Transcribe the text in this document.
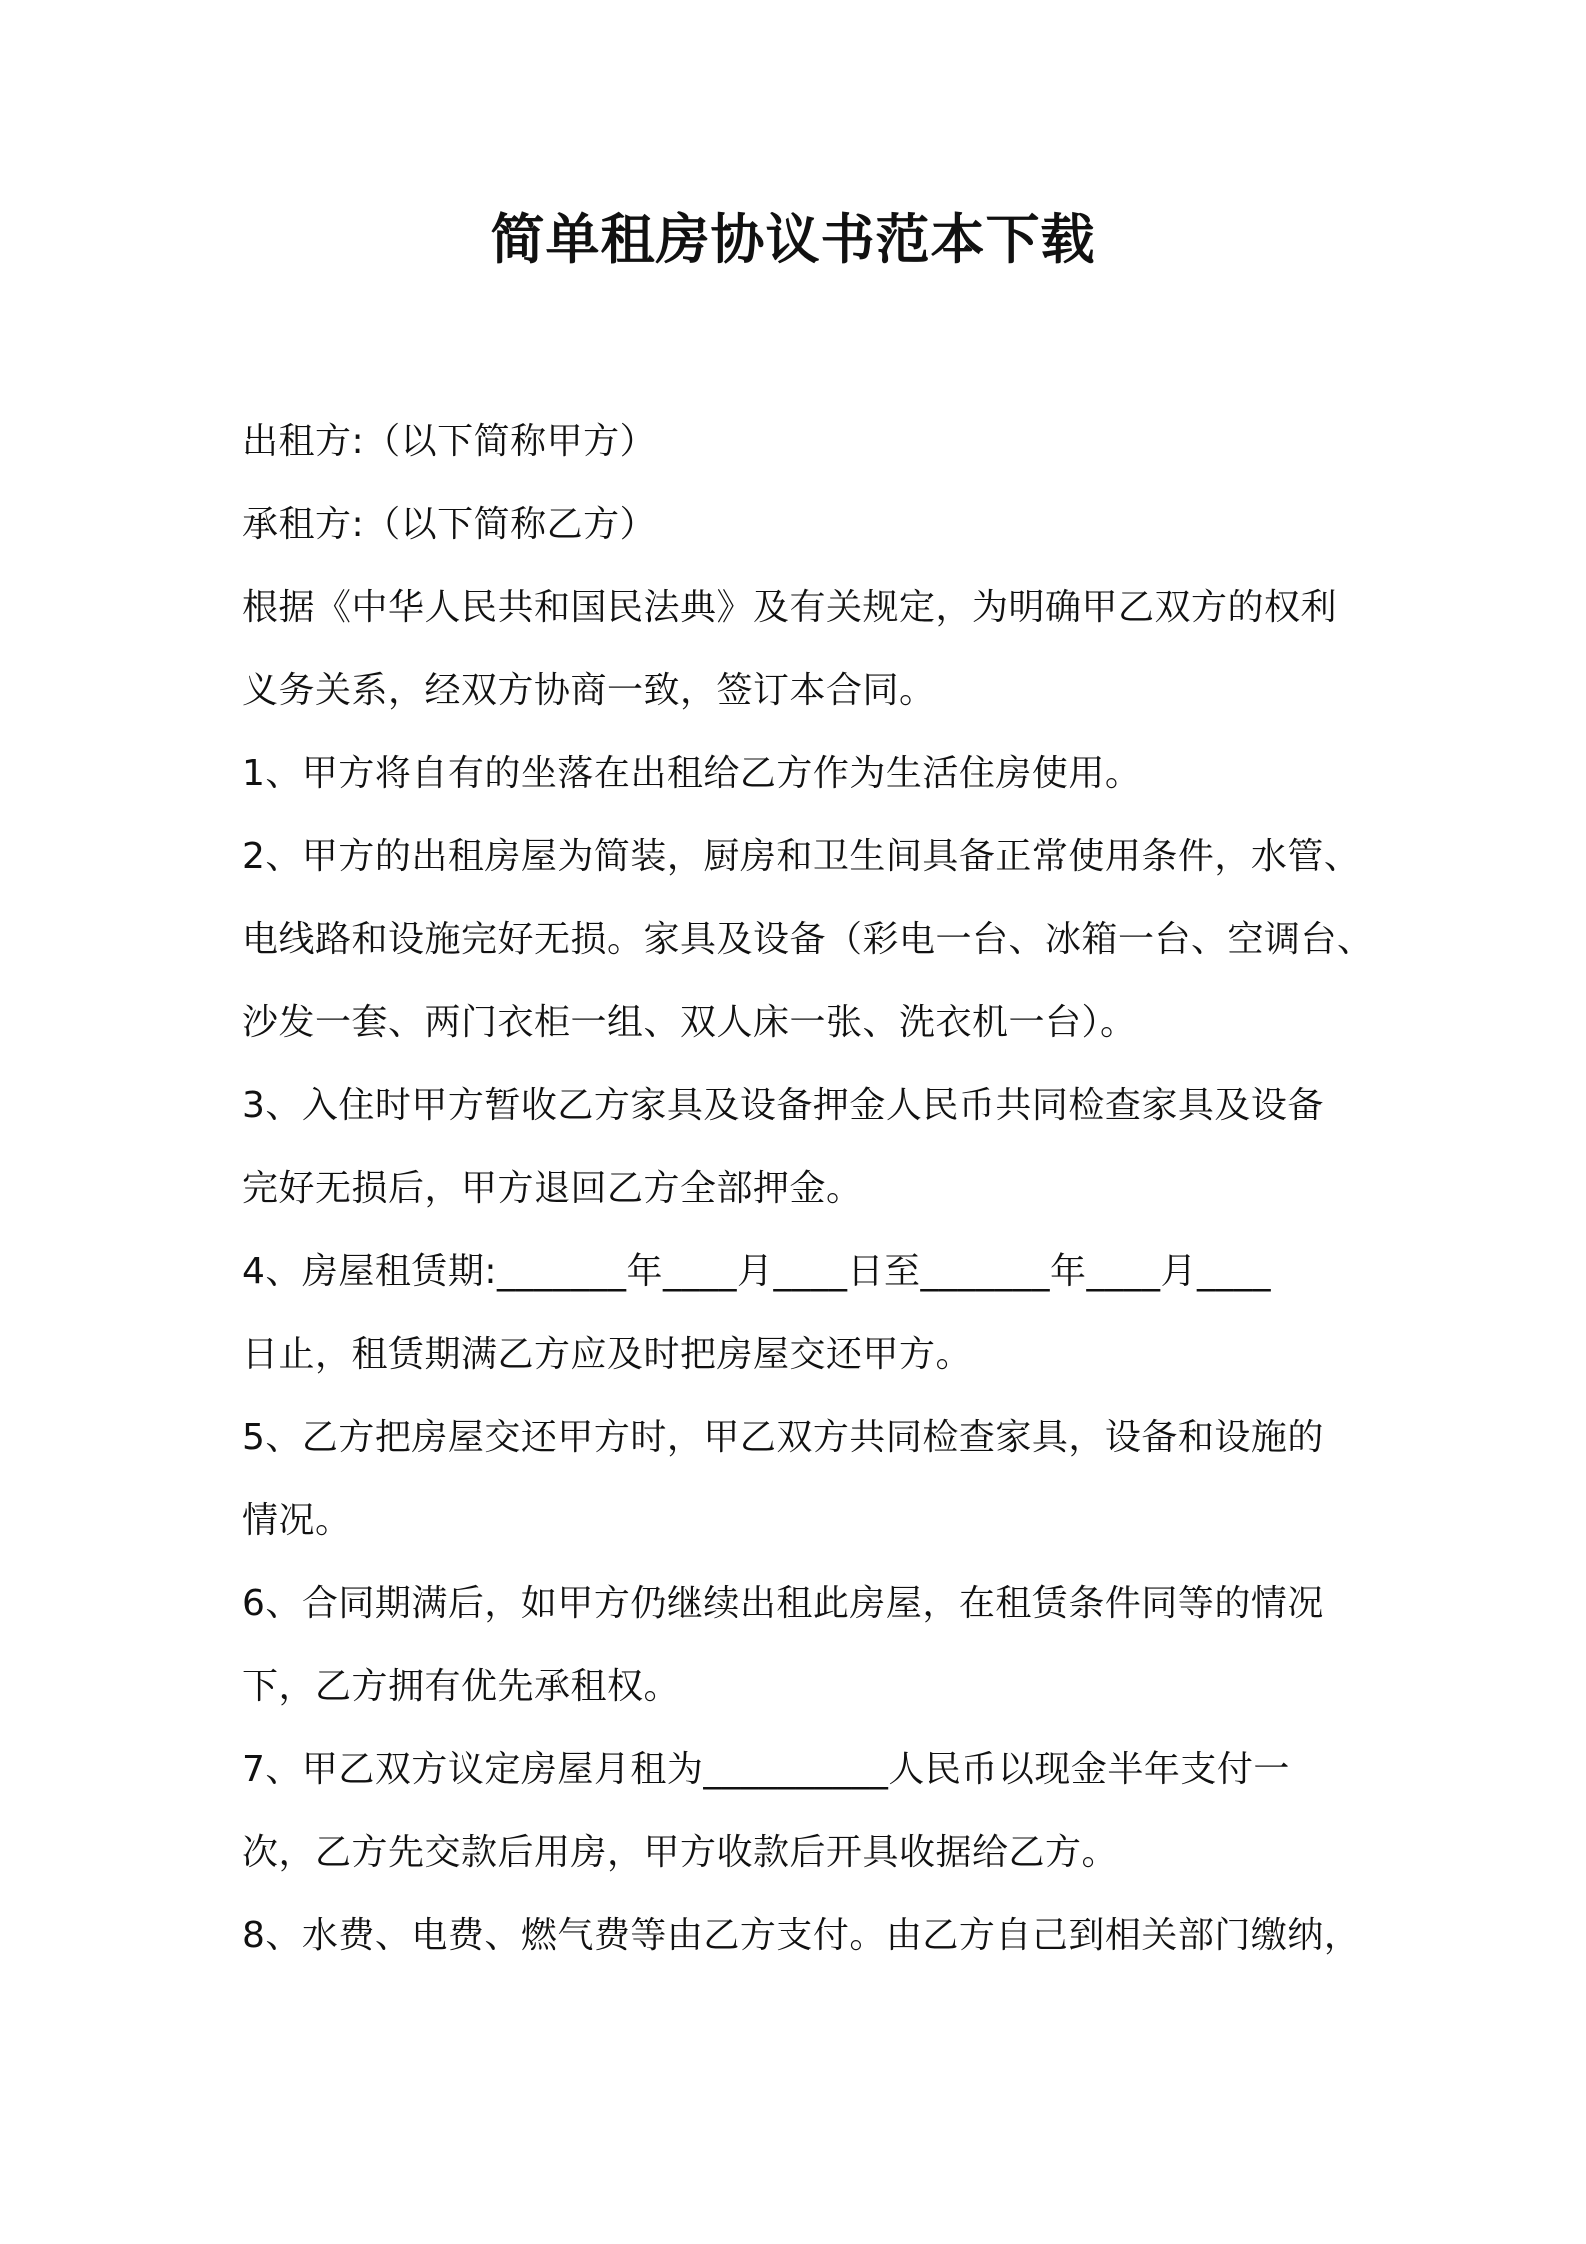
简单租房协议书范本下载
出租方:（以下简称甲方）
承租方:（以下简称乙方）
根据《中华人民共和国民法典》及有关规定，为明确甲乙双方的权利
义务关系，经双方协商一致，签订本合同。
1、甲方将自有的坐落在出租给乙方作为生活住房使用。
2、甲方的出租房屋为简装，厨房和卫生间具备正常使用条件，水管、
电线路和设施完好无损。家具及设备（彩电一台、冰箱一台、空调台、
沙发一套、两门衣柜一组、双人床一张、洗衣机一台）。
3、入住时甲方暂收乙方家具及设备押金人民币共同检查家具及设备
完好无损后，甲方退回乙方全部押金。
4、房屋租赁期:_______年____月____日至_______年____月____
日止，租赁期满乙方应及时把房屋交还甲方。
5、乙方把房屋交还甲方时，甲乙双方共同检查家具，设备和设施的
情况。
6、合同期满后，如甲方仍继续出租此房屋，在租赁条件同等的情况
下，乙方拥有优先承租权。
7、甲乙双方议定房屋月租为__________人民币以现金半年支付一
次，乙方先交款后用房，甲方收款后开具收据给乙方。
8、水费、电费、燃气费等由乙方支付。由乙方自己到相关部门缴纳，
